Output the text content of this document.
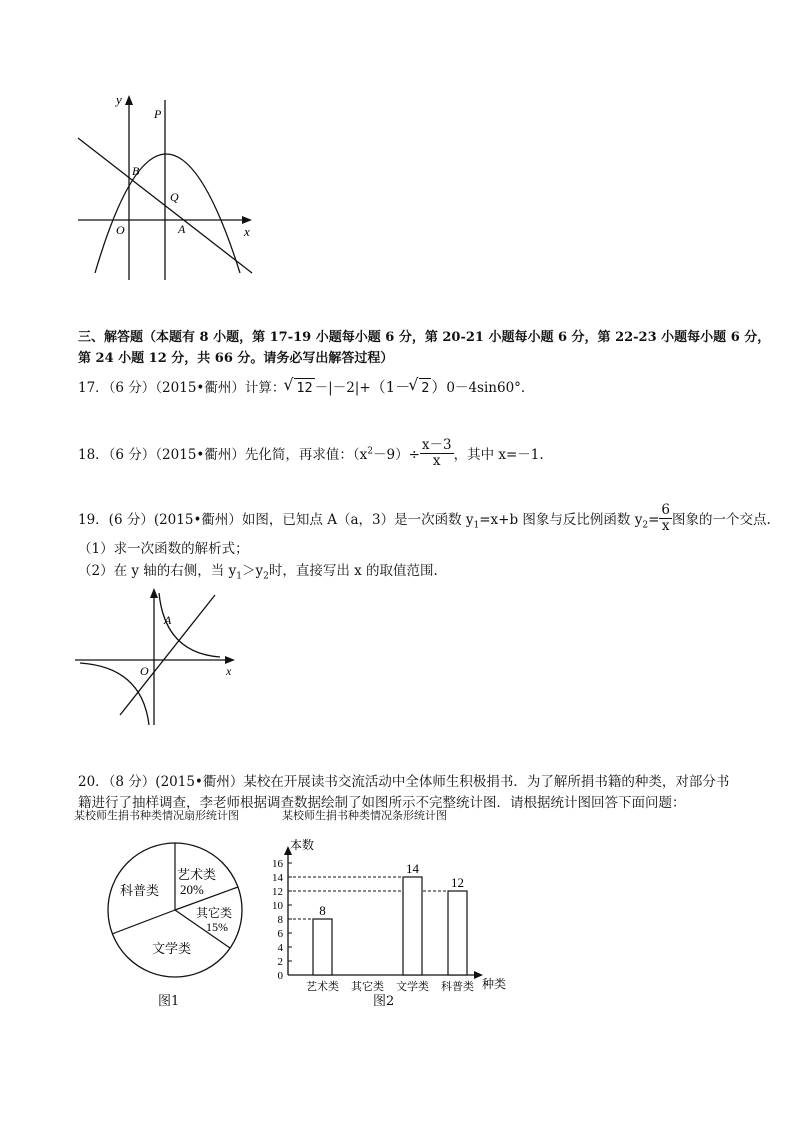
y
x
P
B
Q
O	A
三、解答题（本题有 8 小题，第 17-19 小题每小题 6 分，第 20-21 小题每小题 6 分，第 22-23 小题每小题 6 分，
第 24 小题 12 分，共 66 分。请务必写出解答过程）
17．（6 分）（2015•衢州）计算： √ 12 －|－2|+（1－ √ 2 ）0－4sin60°.
18．（6 分）（2015•衢州）先化简，再求值：$(x^2-9)\div \frac{x-3}{x}$ ，其中 x=－1.
19．(6 分）(2015•衢州）如图，已知点 A（a，3）是一次函数 $y_1=x+b$ 图象与反比例函数 $y_2= \frac{6}{x}$ 图象的一个交点.
（1）求一次函数的解析式；
（2）在 y 轴的右侧，当 $y_1>y_2$时，直接写出 x 的取值范围.
A
O	x
20．（8 分）(2015•衢州）某校在开展读书交流活动中全体师生积极捐书．为了解所捐书籍的种类，对部分书
籍进行了抽样调查，李老师根据调查数据绘制了如图所示不完整统计图．请根据统计图回答下面问题：
某校师生捐书种类情况扇形统计图
艺术类
20%
其它类
15%
文学类
科普类
图1
某校师生捐书种类情况条形统计图
0
2
4
6
8
10
12
14
16
8
艺术类 其它类
14
文学类
12
科普类
本数
种类
图2
